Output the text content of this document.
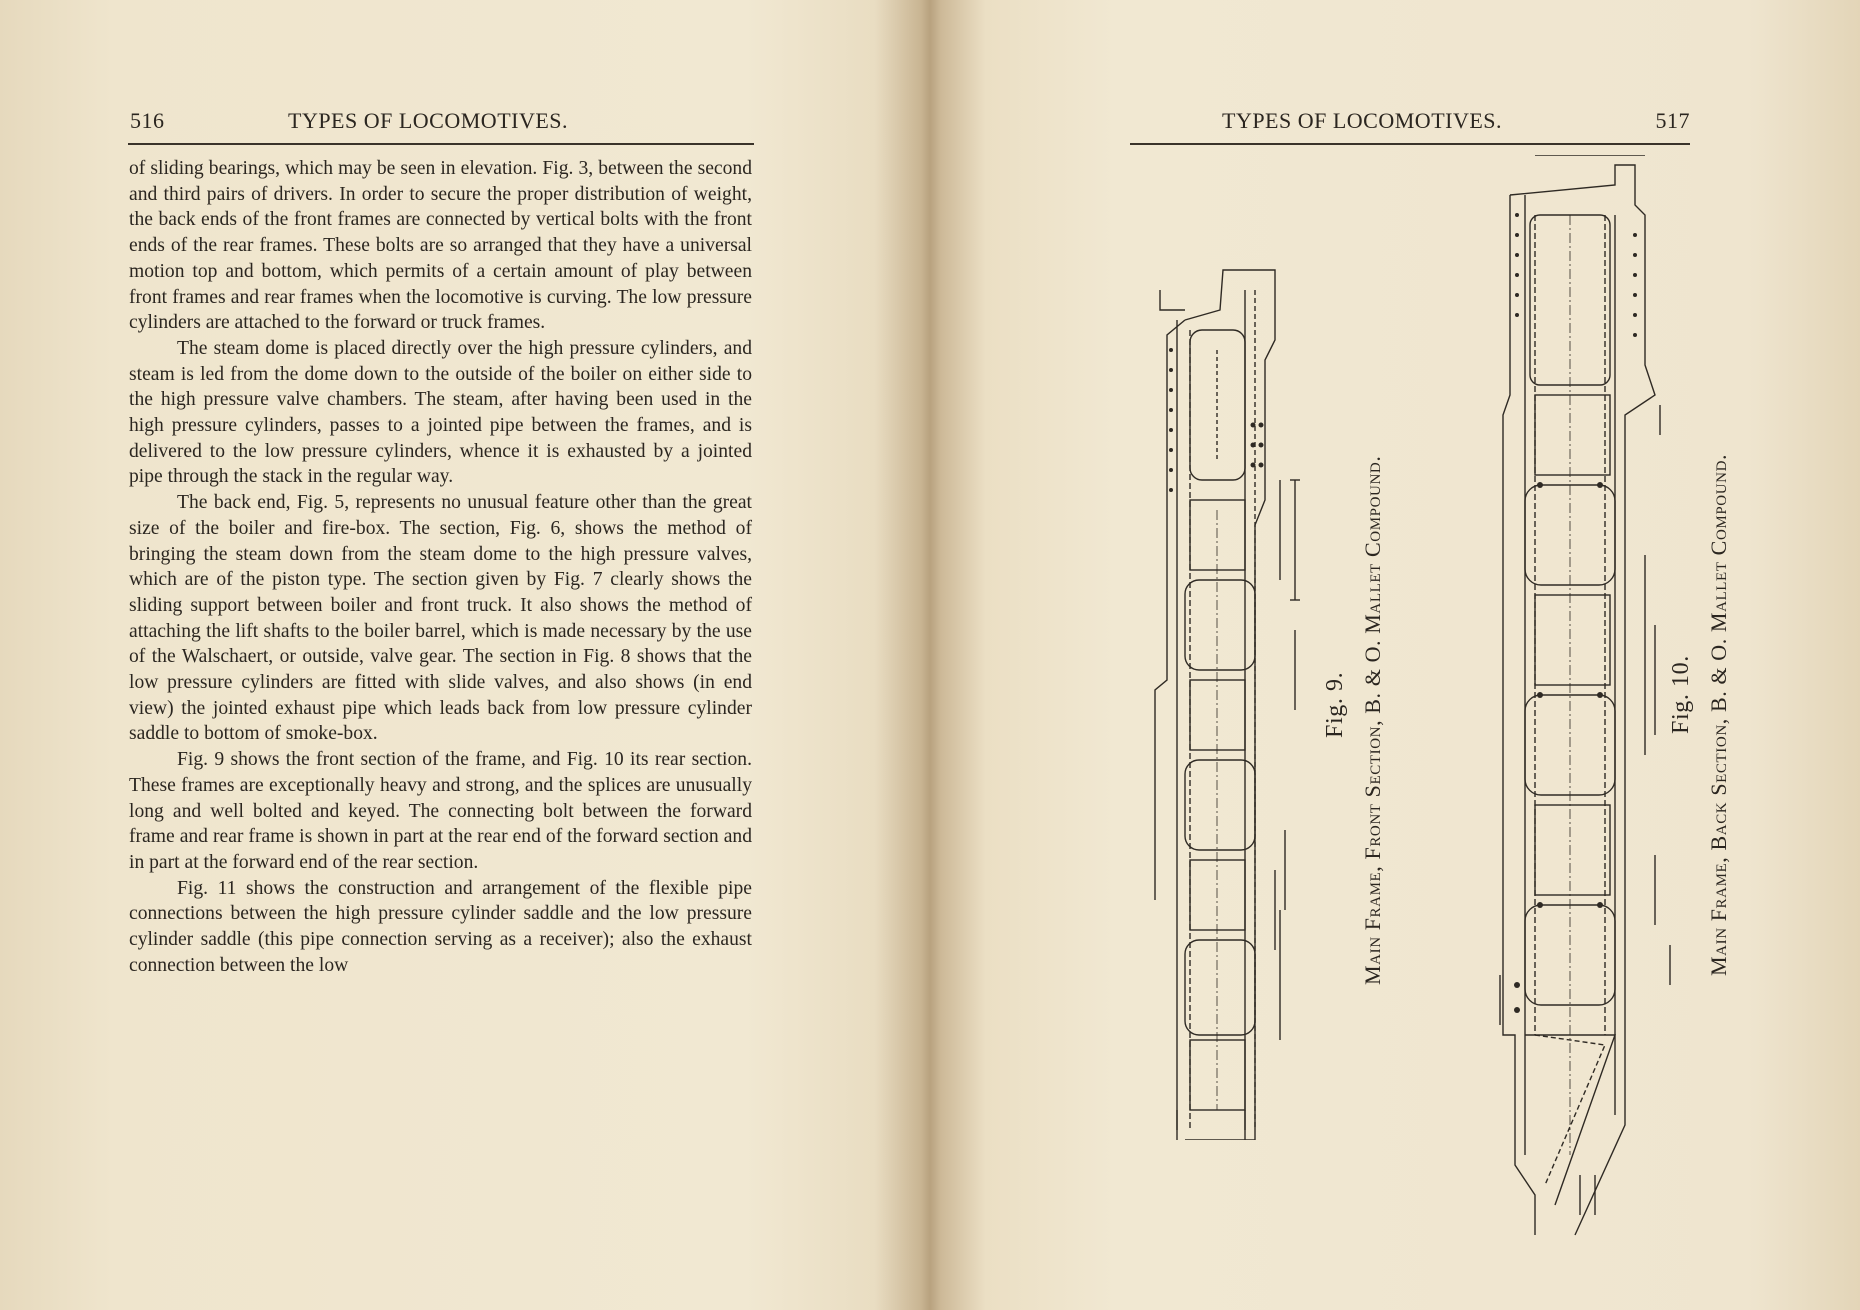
516	TYPES OF LOCOMOTIVES.

of sliding bearings, which may be seen in elevation. Fig. 3, between the second and third pairs of drivers. In order to secure the proper distribution of weight, the back ends of the front frames are connected by vertical bolts with the front ends of the rear frames. These bolts are so arranged that they have a universal motion top and bottom, which permits of a certain amount of play between front frames and rear frames when the locomotive is curving. The low pressure cylinders are attached to the forward or truck frames.

The steam dome is placed directly over the high pressure cylinders, and steam is led from the dome down to the outside of the boiler on either side to the high pressure valve chambers. The steam, after having been used in the high pressure cylinders, passes to a jointed pipe between the frames, and is delivered to the low pressure cylinders, whence it is exhausted by a jointed pipe through the stack in the regular way.

The back end, Fig. 5, represents no unusual feature other than the great size of the boiler and fire-box. The section, Fig. 6, shows the method of bringing the steam down from the steam dome to the high pressure valves, which are of the piston type. The section given by Fig. 7 clearly shows the sliding support between boiler and front truck. It also shows the method of attaching the lift shafts to the boiler barrel, which is made necessary by the use of the Walschaert, or outside, valve gear. The section in Fig. 8 shows that the low pressure cylinders are fitted with slide valves, and also shows (in end view) the jointed exhaust pipe which leads back from low pressure cylinder saddle to bottom of smoke-box.

Fig. 9 shows the front section of the frame, and Fig. 10 its rear section. These frames are exceptionally heavy and strong, and the splices are unusually long and well bolted and keyed. The connecting bolt between the forward frame and rear frame is shown in part at the rear end of the forward section and in part at the forward end of the rear section.

Fig. 11 shows the construction and arrangement of the flexible pipe connections between the high pressure cylinder saddle and the low pressure cylinder saddle (this pipe connection serving as a receiver); also the exhaust connection between the low

TYPES OF LOCOMOTIVES.	517
Main Frame, Front Section, B. & O. Mallet Compound.
Fig. 9.	Main Frame, Back Section, B. & O. Mallet Compound.
Fig. 10.
